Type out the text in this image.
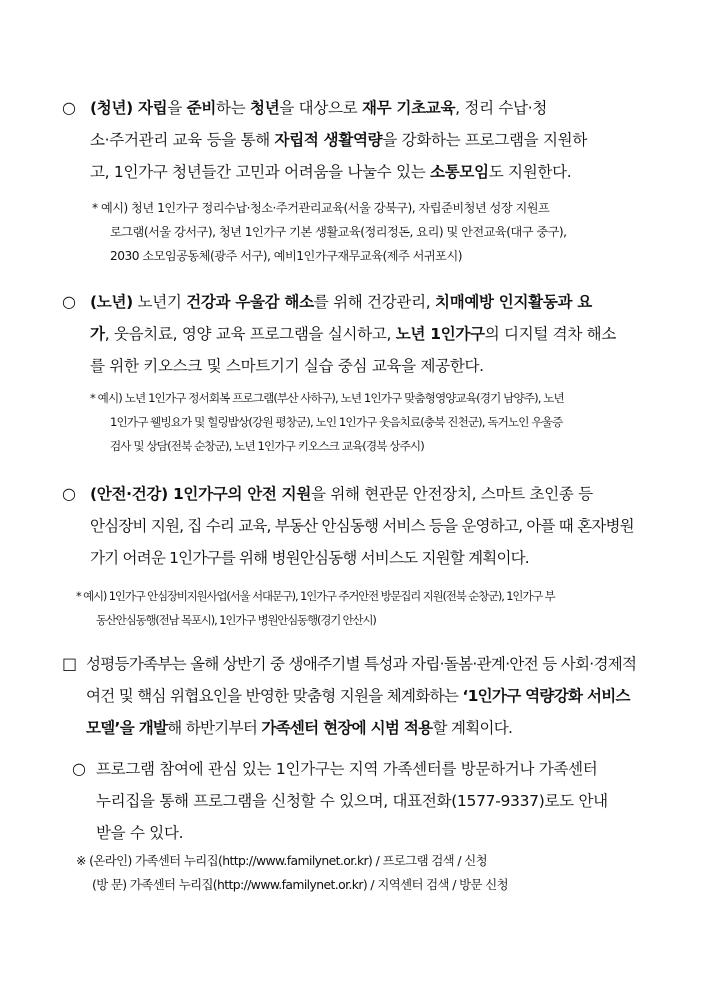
○ (청년) 자립을 준비하는 청년을 대상으로 재무 기초교육, 정리 수납·청
소·주거관리 교육 등을 통해 자립적 생활역량을 강화하는 프로그램을 지원하
고, 1인가구 청년들간 고민과 어려움을 나눌수 있는 소통모임도 지원한다.
* 예시) 청년 1인가구 정리수납·청소·주거관리교육(서울 강북구), 자립준비청년 성장 지원프
로그램(서울 강서구), 청년 1인가구 기본 생활교육(정리정돈, 요리) 및 안전교육(대구 중구),
2030 소모임공동체(광주 서구), 예비1인가구재무교육(제주 서귀포시)
○ (노년) 노년기 건강과 우울감 해소를 위해 건강관리, 치매예방 인지활동과 요
가, 웃음치료, 영양 교육 프로그램을 실시하고, 노년 1인가구의 디지털 격차 해소
를 위한 키오스크 및 스마트기기 실습 중심 교육을 제공한다.
* 예시) 노년 1인가구 정서회복 프로그램(부산 사하구), 노년 1인가구 맞춤형영양교육(경기 남양주), 노년
1인가구 웰빙요가 및 힐링밥상(강원 평창군), 노인 1인가구 웃음치료(충북 진천군), 독거노인 우울증
검사 및 상담(전북 순창군), 노년 1인가구 키오스크 교육(경북 상주시)
○ (안전·건강) 1인가구의 안전 지원을 위해 현관문 안전장치, 스마트 초인종 등
안심장비 지원, 집 수리 교육, 부동산 안심동행 서비스 등을 운영하고, 아플 때 혼자병원
가기 어려운 1인가구를 위해 병원안심동행 서비스도 지원할 계획이다.
* 예시) 1인가구 안심장비지원사업(서울 서대문구), 1인가구 주거안전 방문집리 지원(전북 순창군), 1인가구 부
동산안심동행(전남 목포시), 1인가구 병원안심동행(경기 안산시)
□ 성평등가족부는 올해 상반기 중 생애주기별 특성과 자립·돌봄·관계·안전 등 사회·경제적
여건 및 핵심 위협요인을 반영한 맞춤형 지원을 체계화하는 ‘1인가구 역량강화 서비스
모델’을 개발해 하반기부터 가족센터 현장에 시범 적용할 계획이다.
○ 프로그램 참여에 관심 있는 1인가구는 지역 가족센터를 방문하거나 가족센터
누리집을 통해 프로그램을 신청할 수 있으며, 대표전화(1577-9337)로도 안내
받을 수 있다.
※ (온라인) 가족센터 누리집(http://www.familynet.or.kr) / 프로그램 검색 / 신청
(방 문) 가족센터 누리집(http://www.familynet.or.kr) / 지역센터 검색 / 방문 신청
